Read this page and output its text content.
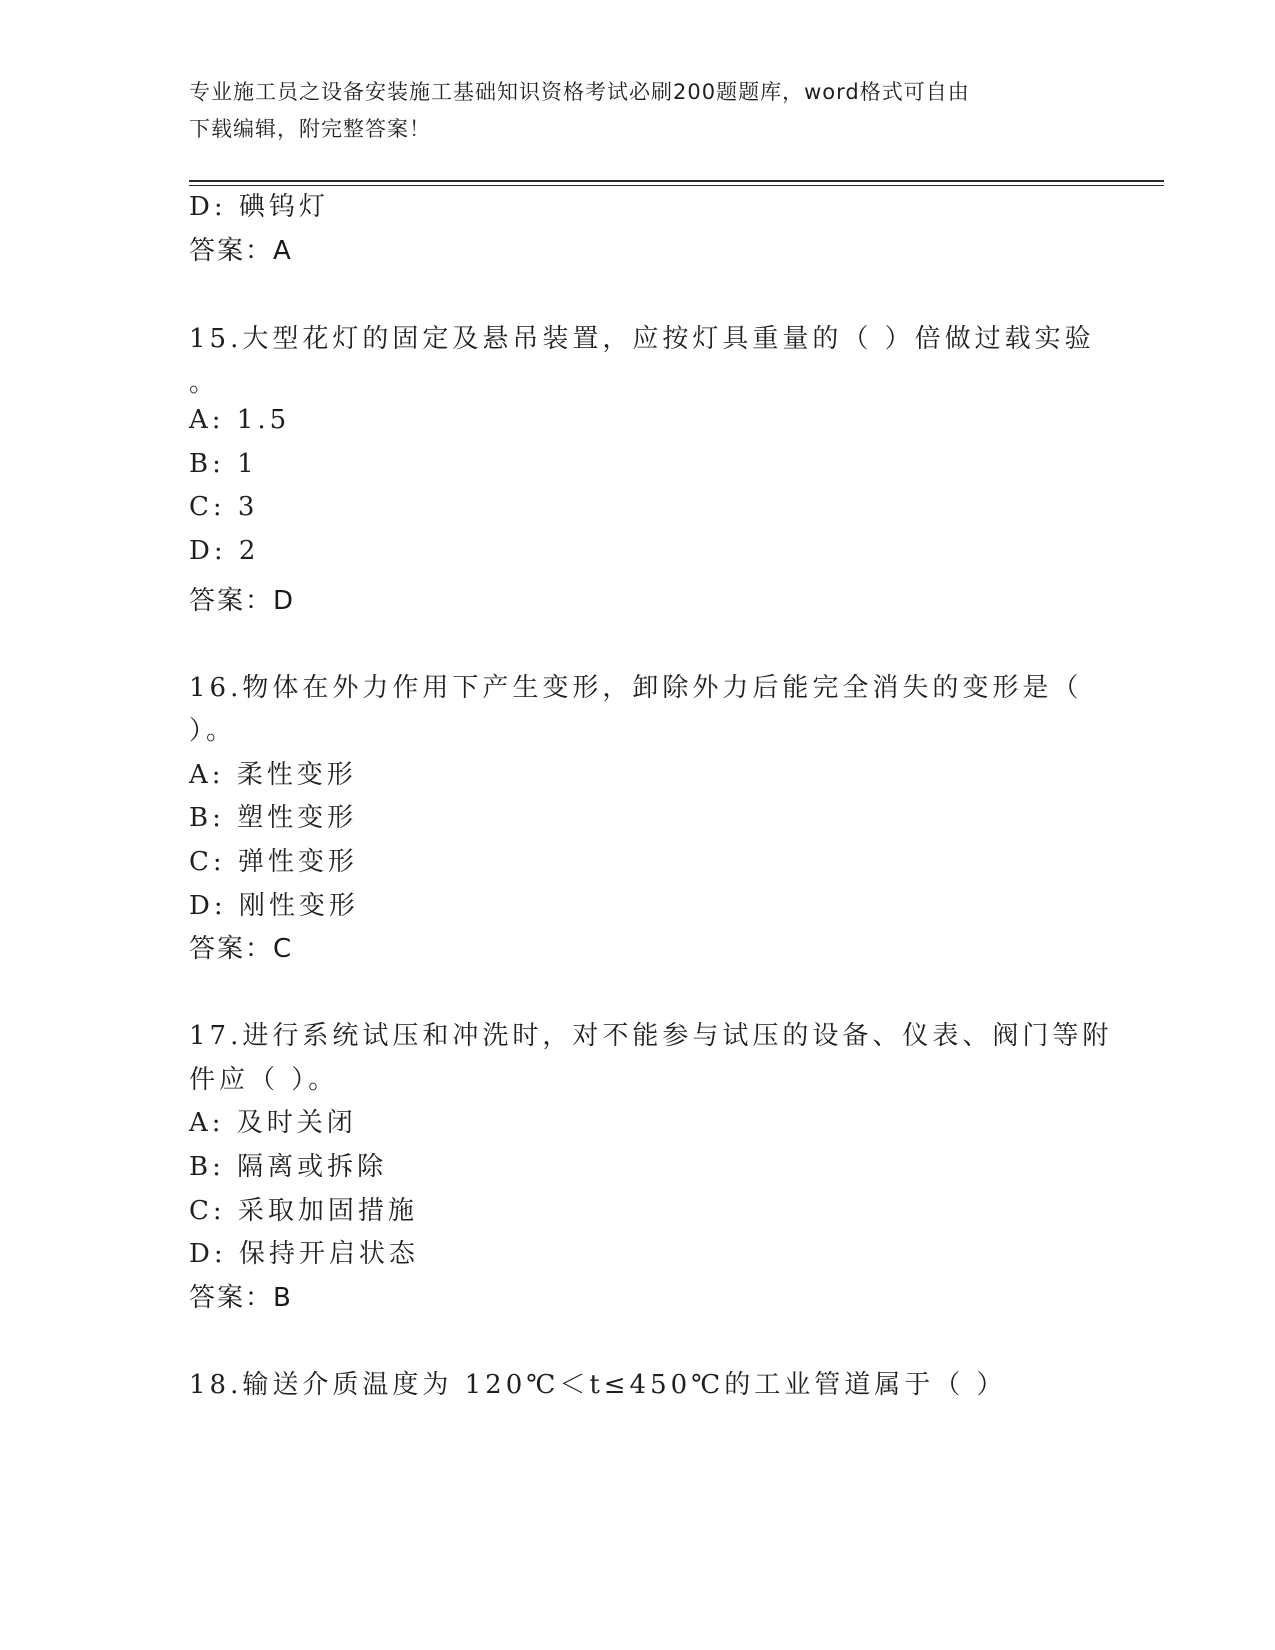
专业施工员之设备安装施工基础知识资格考试必刷200题题库，word格式可自由
下载编辑，附完整答案！
D: 碘钨灯
答案：A
15.大型花灯的固定及悬吊装置，应按灯具重量的（ ）倍做过载实验
。
A: 1.5
B: 1
C: 3
D: 2
答案：D
16.物体在外力作用下产生变形，卸除外力后能完全消失的变形是（
）。
A: 柔性变形
B: 塑性变形
C: 弹性变形
D: 刚性变形
答案：C
17.进行系统试压和冲洗时，对不能参与试压的设备、仪表、阀门等附
件应（ ）。
A: 及时关闭
B: 隔离或拆除
C: 采取加固措施
D: 保持开启状态
答案：B
18.输送介质温度为 120℃＜t≤450℃的工业管道属于（ ）
